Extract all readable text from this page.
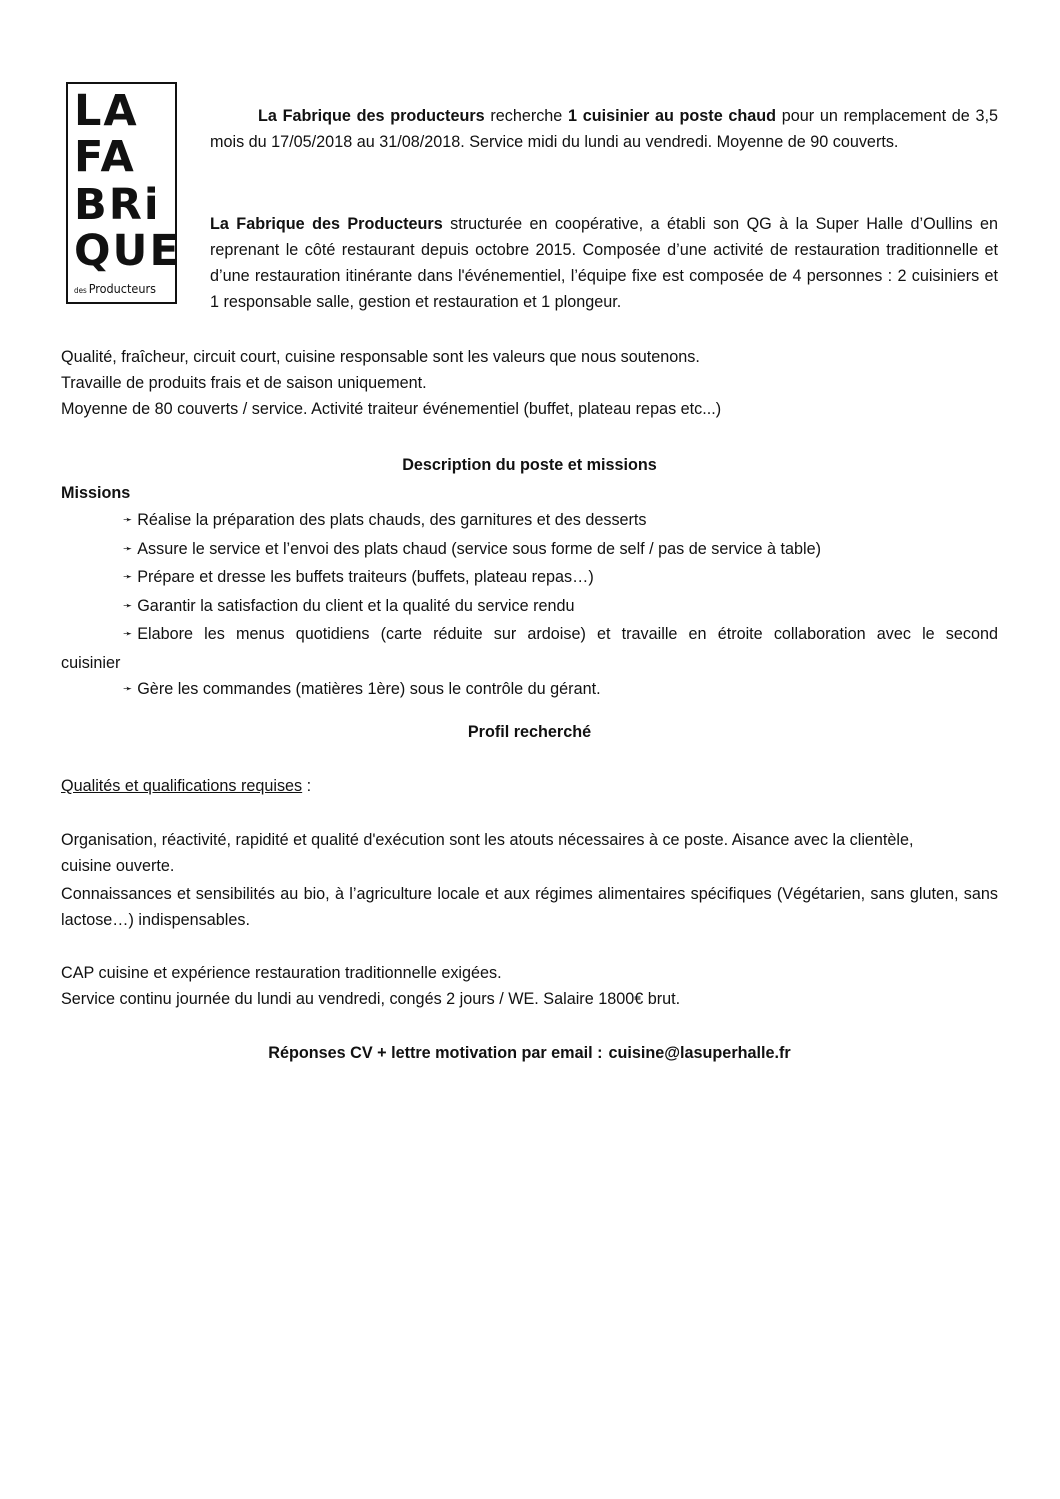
LA
FA
BRi
QUE
des Producteurs
La Fabrique des producteurs recherche 1 cuisinier au poste chaud pour un remplacement de 3,5 mois du 17/05/2018 au 31/08/2018. Service midi du lundi au vendredi. Moyenne de 90 couverts.
La Fabrique des Producteurs structurée en coopérative, a établi son QG à la Super Halle d’Oullins en reprenant le côté restaurant depuis octobre 2015. Composée d’une activité de restauration traditionnelle et d’une restauration itinérante dans l'événementiel, l’équipe fixe est composée de 4 personnes : 2 cuisiniers et 1 responsable salle, gestion et restauration et 1 plongeur.
Qualité, fraîcheur, circuit court, cuisine responsable sont les valeurs que nous soutenons.
Travaille de produits frais et de saison uniquement.
Moyenne de 80 couverts / service. Activité traiteur événementiel (buffet, plateau repas etc...)
Description du poste et missions
Missions
➛ Réalise la préparation des plats chauds, des garnitures et des desserts
➛ Assure le service et l’envoi des plats chaud (service sous forme de self / pas de service à table)
➛ Prépare et dresse les buffets traiteurs (buffets, plateau repas…)
➛ Garantir la satisfaction du client et la qualité du service rendu
➛ Elabore les menus quotidiens (carte réduite sur ardoise) et travaille en étroite collaboration avec le second
cuisinier
➛ Gère les commandes (matières 1ère) sous le contrôle du gérant.
Profil recherché
Qualités et qualifications requises :
Organisation, réactivité, rapidité et qualité d'exécution sont les atouts nécessaires à ce poste. Aisance avec la clientèle, cuisine ouverte.
Connaissances et sensibilités au bio, à l’agriculture locale et aux régimes alimentaires spécifiques (Végétarien, sans gluten, sans lactose…) indispensables.
CAP cuisine et expérience restauration traditionnelle exigées.
Service continu journée du lundi au vendredi, congés 2 jours / WE. Salaire 1800€ brut.
Réponses CV + lettre motivation par email : cuisine@lasuperhalle.fr
